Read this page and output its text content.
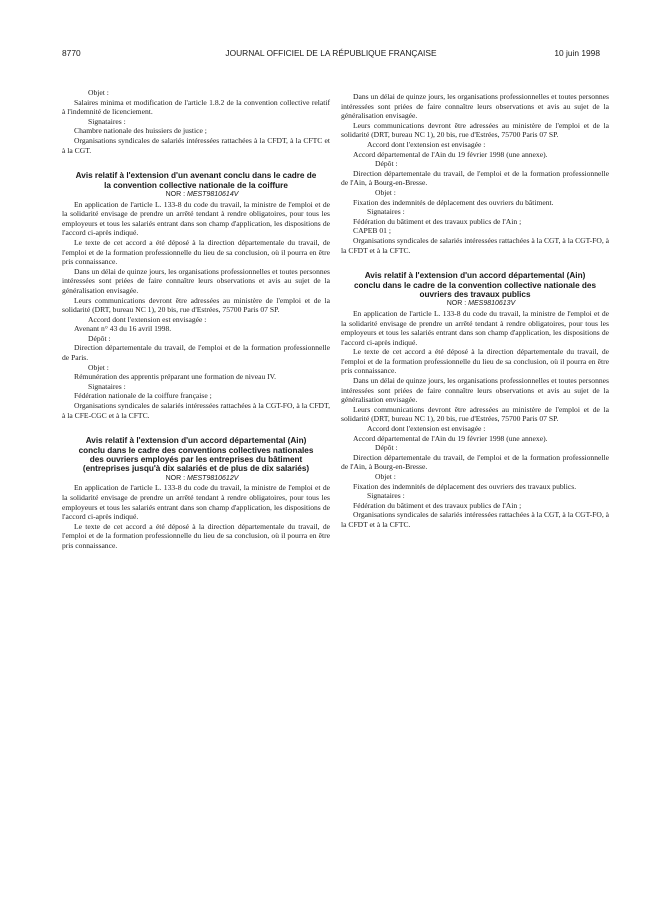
8770	JOURNAL OFFICIEL DE LA RÉPUBLIQUE FRANÇAISE	10 juin 1998

Objet :

Salaires minima et modification de l'article 1.8.2 de la convention collective relatif à l'indemnité de licenciement.

Signataires :

Chambre nationale des huissiers de justice ;

Organisations syndicales de salariés intéressées rattachées à la CFDT, à la CFTC et à la CGT.

Avis relatif à l'extension d'un avenant conclu dans le cadre de la convention collective nationale de la coiffure

NOR : MEST9810614V

En application de l'article L. 133-8 du code du travail, la ministre de l'emploi et de la solidarité envisage de prendre un arrêté tendant à rendre obligatoires, pour tous les employeurs et tous les salariés entrant dans son champ d'application, les dispositions de l'accord ci-après indiqué.

Le texte de cet accord a été déposé à la direction départementale du travail, de l'emploi et de la formation professionnelle du lieu de sa conclusion, où il pourra en être pris connaissance.

Dans un délai de quinze jours, les organisations professionnelles et toutes personnes intéressées sont priées de faire connaître leurs observations et avis au sujet de la généralisation envisagée.

Leurs communications devront être adressées au ministère de l'emploi et de la solidarité (DRT, bureau NC 1), 20 bis, rue d'Estrées, 75700 Paris 07 SP.

Accord dont l'extension est envisagée :

Avenant n° 43 du 16 avril 1998.

Dépôt :

Direction départementale du travail, de l'emploi et de la formation professionnelle de Paris.

Objet :

Rémunération des apprentis préparant une formation de niveau IV.

Signataires :

Fédération nationale de la coiffure française ;

Organisations syndicales de salariés intéressées rattachées à la CGT-FO, à la CFDT, à la CFE-CGC et à la CFTC.

Avis relatif à l'extension d'un accord départemental (Ain) conclu dans le cadre des conventions collectives nationales des ouvriers employés par les entreprises du bâtiment (entreprises jusqu'à dix salariés et de plus de dix salariés)

NOR : MEST9810612V

En application de l'article L. 133-8 du code du travail, la ministre de l'emploi et de la solidarité envisage de prendre un arrêté tendant à rendre obligatoires, pour tous les employeurs et tous les salariés entrant dans son champ d'application, les dispositions de l'accord ci-après indiqué.

Le texte de cet accord a été déposé à la direction départementale du travail, de l'emploi et de la formation professionnelle du lieu de sa conclusion, où il pourra en être pris connaissance.

Dans un délai de quinze jours, les organisations professionnelles et toutes personnes intéressées sont priées de faire connaître leurs observations et avis au sujet de la généralisation envisagée.

Leurs communications devront être adressées au ministère de l'emploi et de la solidarité (DRT, bureau NC 1), 20 bis, rue d'Estrées, 75700 Paris 07 SP.

Accord dont l'extension est envisagée :

Accord départemental de l'Ain du 19 février 1998 (une annexe).

Dépôt :

Direction départementale du travail, de l'emploi et de la formation professionnelle de l'Ain, à Bourg-en-Bresse.

Objet :

Fixation des indemnités de déplacement des ouvriers du bâtiment.

Signataires :

Fédération du bâtiment et des travaux publics de l'Ain ;

CAPEB 01 ;

Organisations syndicales de salariés intéressées rattachées à la CGT, à la CGT-FO, à la CFDT et à la CFTC.

Avis relatif à l'extension d'un accord départemental (Ain) conclu dans le cadre de la convention collective nationale des ouvriers des travaux publics

NOR : MES9810613V

En application de l'article L. 133-8 du code du travail, la ministre de l'emploi et de la solidarité envisage de prendre un arrêté tendant à rendre obligatoires, pour tous les employeurs et tous les salariés entrant dans son champ d'application, les dispositions de l'accord ci-après indiqué.

Le texte de cet accord a été déposé à la direction départementale du travail, de l'emploi et de la formation professionnelle du lieu de sa conclusion, où il pourra en être pris connaissance.

Dans un délai de quinze jours, les organisations professionnelles et toutes personnes intéressées sont priées de faire connaître leurs observations et avis au sujet de la généralisation envisagée.

Leurs communications devront être adressées au ministère de l'emploi et de la solidarité (DRT, bureau NC 1), 20 bis, rue d'Estrées, 75700 Paris 07 SP.

Accord dont l'extension est envisagée :

Accord départemental de l'Ain du 19 février 1998 (une annexe).

Dépôt :

Direction départementale du travail, de l'emploi et de la formation professionnelle de l'Ain, à Bourg-en-Bresse.

Objet :

Fixation des indemnités de déplacement des ouvriers des travaux publics.

Signataires :

Fédération du bâtiment et des travaux publics de l'Ain ;

Organisations syndicales de salariés intéressées rattachées à la CGT, à la CGT-FO, à la CFDT et à la CFTC.
